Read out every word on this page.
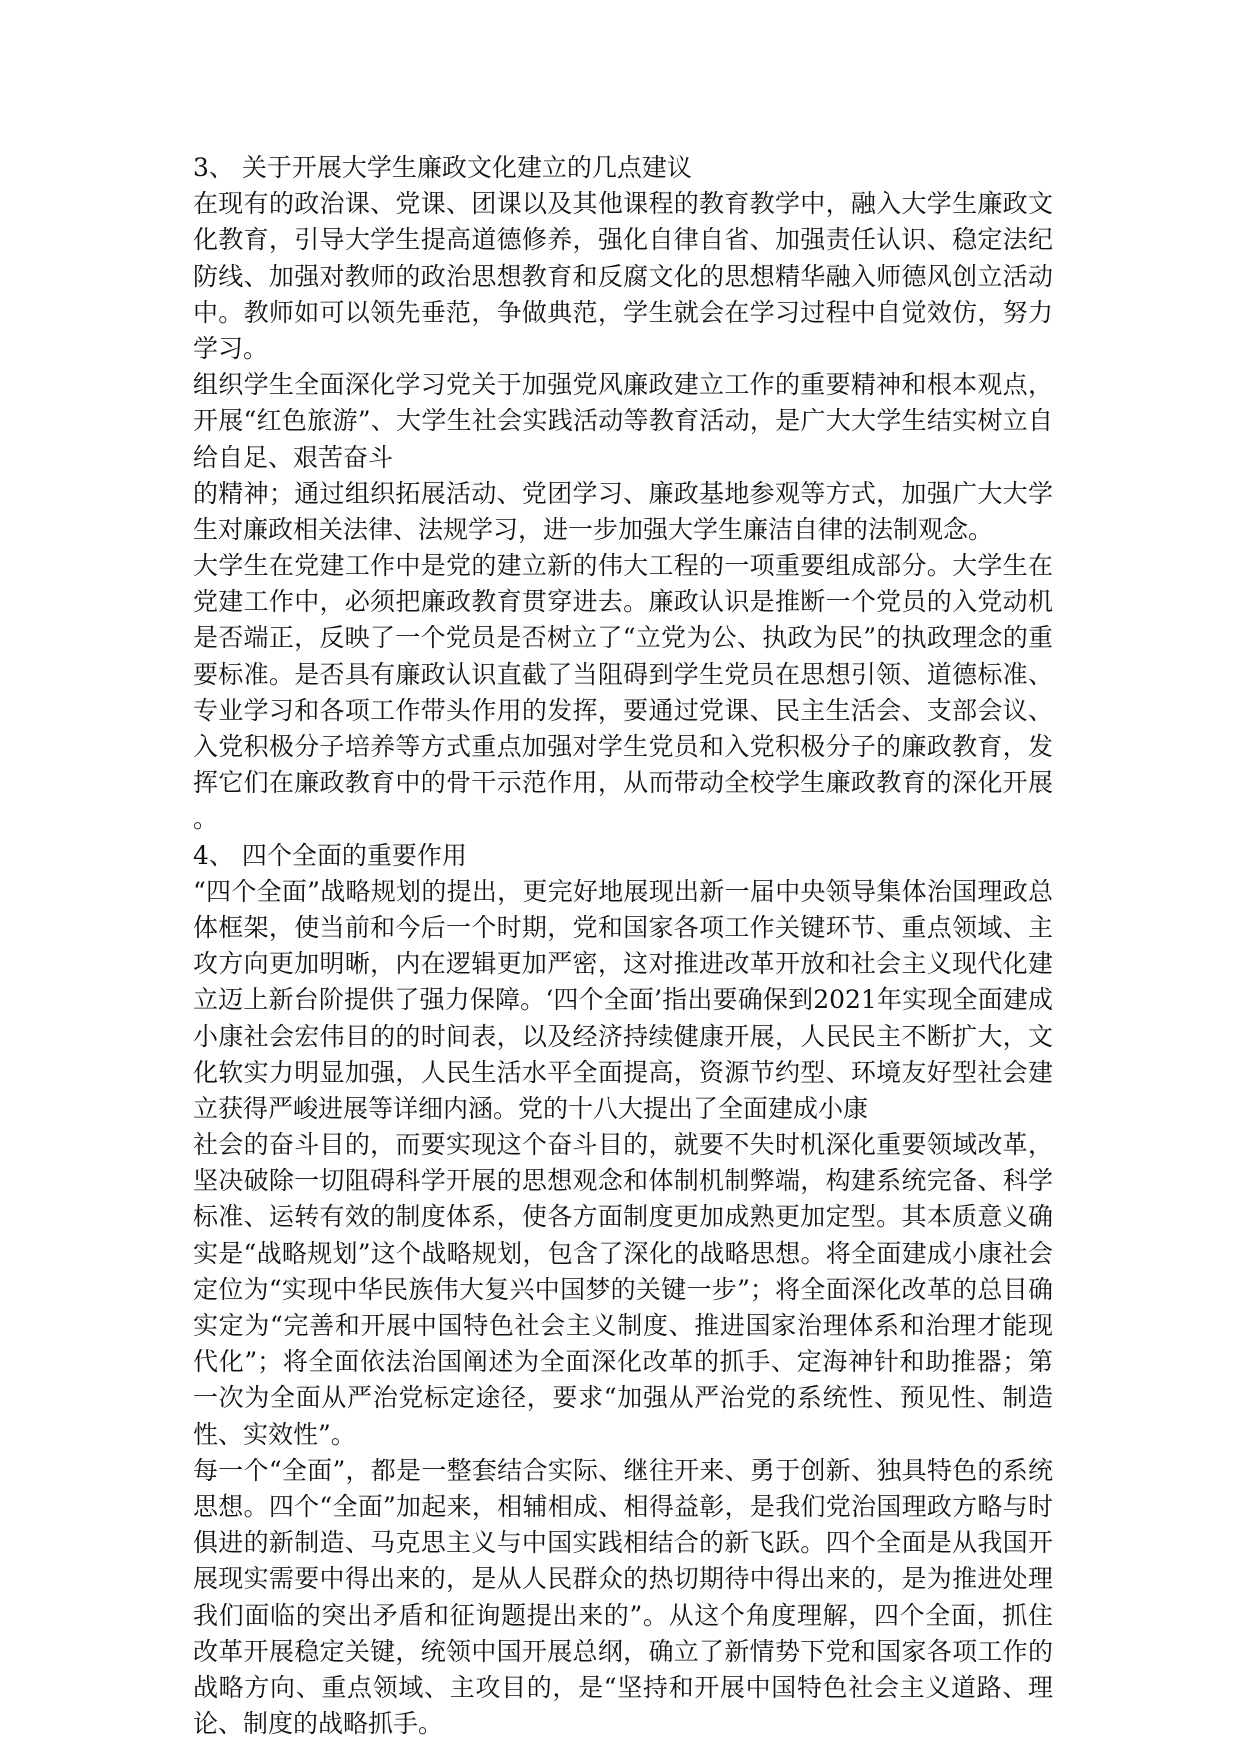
3、 关于开展大学生廉政文化建立的几点建议
在现有的政治课、党课、团课以及其他课程的教育教学中，融入大学生廉政文
化教育，引导大学生提高道德修养，强化自律自省、加强责任认识、稳定法纪
防线、加强对教师的政治思想教育和反腐文化的思想精华融入师德风创立活动
中。教师如可以领先垂范，争做典范，学生就会在学习过程中自觉效仿，努力
学习。
组织学生全面深化学习党关于加强党风廉政建立工作的重要精神和根本观点，
开展“红色旅游”、大学生社会实践活动等教育活动，是广大大学生结实树立自
给自足、艰苦奋斗
的精神；通过组织拓展活动、党团学习、廉政基地参观等方式，加强广大大学
生对廉政相关法律、法规学习，进一步加强大学生廉洁自律的法制观念。
大学生在党建工作中是党的建立新的伟大工程的一项重要组成部分。大学生在
党建工作中，必须把廉政教育贯穿进去。廉政认识是推断一个党员的入党动机
是否端正，反映了一个党员是否树立了“立党为公、执政为民”的执政理念的重
要标准。是否具有廉政认识直截了当阻碍到学生党员在思想引领、道德标准、
专业学习和各项工作带头作用的发挥，要通过党课、民主生活会、支部会议、
入党积极分子培养等方式重点加强对学生党员和入党积极分子的廉政教育，发
挥它们在廉政教育中的骨干示范作用，从而带动全校学生廉政教育的深化开展
。
4、 四个全面的重要作用
“四个全面”战略规划的提出，更完好地展现出新一届中央领导集体治国理政总
体框架，使当前和今后一个时期，党和国家各项工作关键环节、重点领域、主
攻方向更加明晰，内在逻辑更加严密，这对推进改革开放和社会主义现代化建
立迈上新台阶提供了强力保障。‘四个全面’指出要确保到2021年实现全面建成
小康社会宏伟目的的时间表，以及经济持续健康开展，人民民主不断扩大，文
化软实力明显加强，人民生活水平全面提高，资源节约型、环境友好型社会建
立获得严峻进展等详细内涵。党的十八大提出了全面建成小康
社会的奋斗目的，而要实现这个奋斗目的，就要不失时机深化重要领域改革，
坚决破除一切阻碍科学开展的思想观念和体制机制弊端，构建系统完备、科学
标准、运转有效的制度体系，使各方面制度更加成熟更加定型。其本质意义确
实是“战略规划”这个战略规划，包含了深化的战略思想。将全面建成小康社会
定位为“实现中华民族伟大复兴中国梦的关键一步”；将全面深化改革的总目确
实定为“完善和开展中国特色社会主义制度、推进国家治理体系和治理才能现
代化”；将全面依法治国阐述为全面深化改革的抓手、定海神针和助推器；第
一次为全面从严治党标定途径，要求“加强从严治党的系统性、预见性、制造
性、实效性”。
每一个“全面”，都是一整套结合实际、继往开来、勇于创新、独具特色的系统
思想。四个“全面”加起来，相辅相成、相得益彰，是我们党治国理政方略与时
俱进的新制造、马克思主义与中国实践相结合的新飞跃。四个全面是从我国开
展现实需要中得出来的，是从人民群众的热切期待中得出来的，是为推进处理
我们面临的突出矛盾和征询题提出来的”。从这个角度理解，四个全面，抓住
改革开展稳定关键，统领中国开展总纲，确立了新情势下党和国家各项工作的
战略方向、重点领域、主攻目的，是“坚持和开展中国特色社会主义道路、理
论、制度的战略抓手。
